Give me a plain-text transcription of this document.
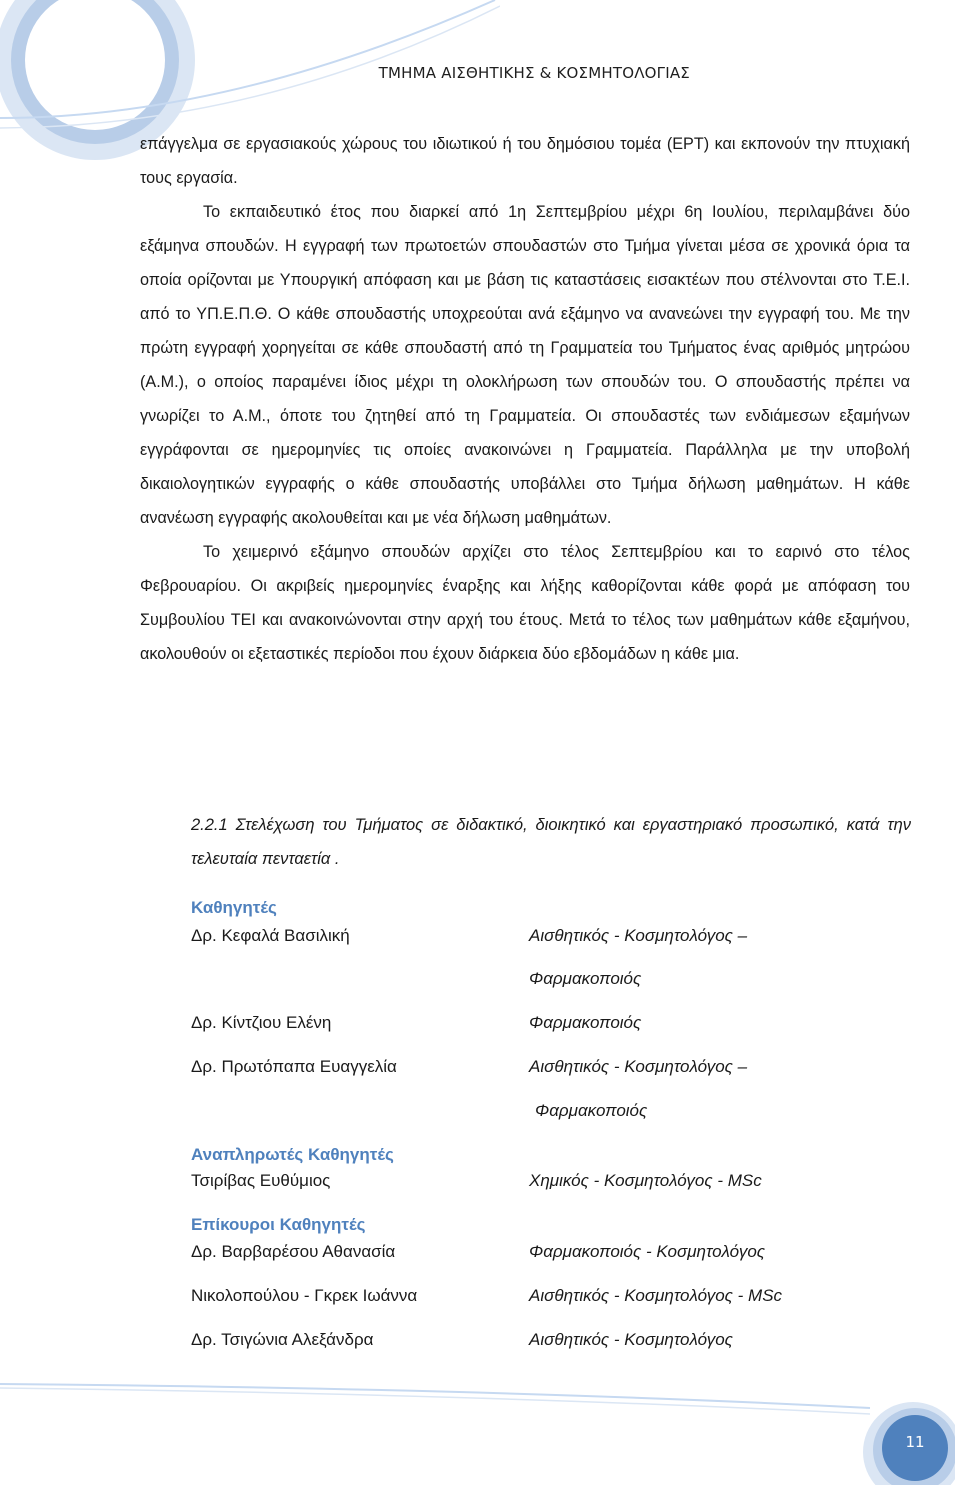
ΤΜΗΜΑ ΑΙΣΘΗΤΙΚΗΣ & ΚΟΣΜΗΤΟΛΟΓΙΑΣ

επάγγελμα σε εργασιακούς χώρους του ιδιωτικού ή του δημόσιου τομέα (ΕΡΤ) και εκπονούν την πτυχιακή τους εργασία.

Το εκπαιδευτικό έτος που διαρκεί από 1η Σεπτεμβρίου μέχρι 6η Ιουλίου, περιλαμβάνει δύο εξάμηνα σπουδών. Η εγγραφή των πρωτοετών σπουδαστών στο Τμήμα γίνεται μέσα σε χρονικά όρια τα οποία ορίζονται με Υπουργική απόφαση και με βάση τις καταστάσεις εισακτέων που στέλνονται στο Τ.Ε.Ι. από το ΥΠ.Ε.Π.Θ. Ο κάθε σπουδαστής υποχρεούται ανά εξάμηνο να ανανεώνει την εγγραφή του. Με την πρώτη εγγραφή χορηγείται σε κάθε σπουδαστή από τη Γραμματεία του Τμήματος ένας αριθμός μητρώου (Α.Μ.), ο οποίος παραμένει ίδιος μέχρι τη ολοκλήρωση των σπουδών του. Ο σπουδαστής πρέπει να γνωρίζει το Α.Μ., όποτε του ζητηθεί από τη Γραμματεία. Οι σπουδαστές των ενδιάμεσων εξαμήνων εγγράφονται σε ημερομηνίες τις οποίες ανακοινώνει η Γραμματεία. Παράλληλα με την υποβολή δικαιολογητικών εγγραφής ο κάθε σπουδαστής υποβάλλει στο Τμήμα δήλωση μαθημάτων. Η κάθε ανανέωση εγγραφής ακολουθείται και με νέα δήλωση μαθημάτων.

Το χειμερινό εξάμηνο σπουδών αρχίζει στο τέλος Σεπτεμβρίου και το εαρινό στο τέλος Φεβρουαρίου. Οι ακριβείς ημερομηνίες έναρξης και λήξης καθορίζονται κάθε φορά με απόφαση του Συμβουλίου ΤΕΙ και ανακοινώνονται στην αρχή του έτους. Μετά το τέλος των μαθημάτων κάθε εξαμήνου, ακολουθούν οι εξεταστικές περίοδοι που έχουν διάρκεια δύο εβδομάδων η κάθε μια.

2.2.1 Στελέχωση του Τμήματος σε διδακτικό, διοικητικό και εργαστηριακό προσωπικό, κατά την τελευταία πενταετία .
Καθηγητές
Δρ. Κεφαλά Βασιλική	Αισθητικός - Κοσμητολόγος –
Φαρμακοποιός
Δρ. Κίντζιου Ελένη	Φαρμακοποιός
Δρ. Πρωτόπαπα Ευαγγελία	Αισθητικός - Κοσμητολόγος –
Φαρμακοποιός
Αναπληρωτές Καθηγητές
Τσιρίβας Ευθύμιος	Χημικός - Κοσμητολόγος - MSc
Επίκουροι Καθηγητές
Δρ. Βαρβαρέσου Αθανασία	Φαρμακοποιός - Κοσμητολόγος
Νικολοπούλου - Γκρεκ Ιωάννα	Αισθητικός - Κοσμητολόγος - MSc
Δρ. Τσιγώνια Αλεξάνδρα	Αισθητικός - Κοσμητολόγος
11
